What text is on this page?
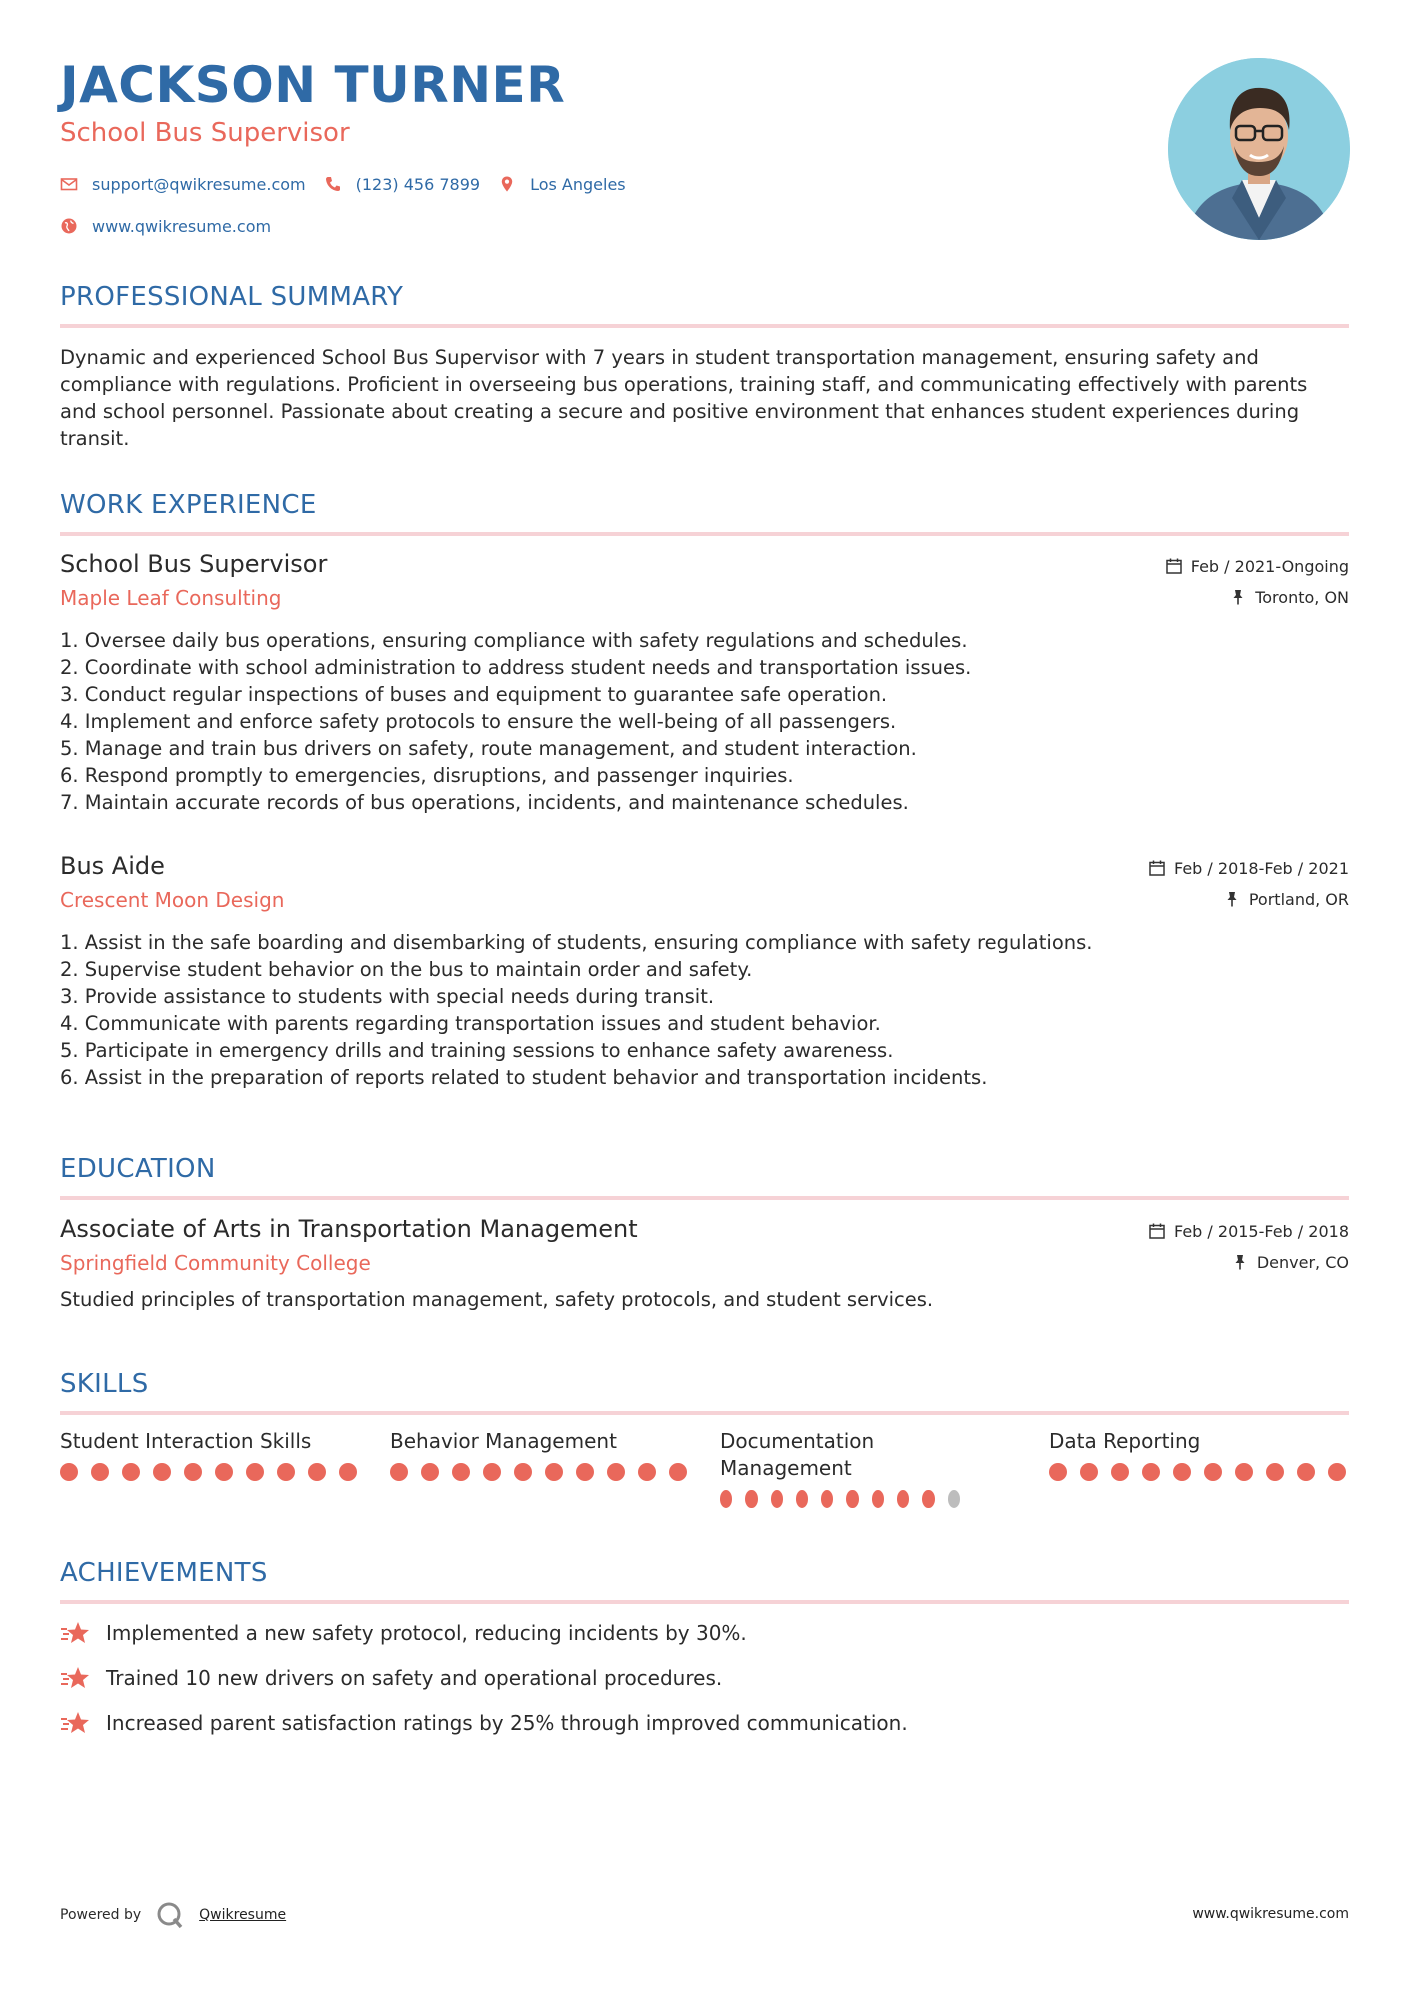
JACKSON TURNER
School Bus Supervisor
support@qwikresume.com	(123) 456 7899	Los Angeles
www.qwikresume.com
PROFESSIONAL SUMMARY

Dynamic and experienced School Bus Supervisor with 7 years in student transportation management, ensuring safety and compliance with regulations. Proficient in overseeing bus operations, training staff, and communicating effectively with parents and school personnel. Passionate about creating a secure and positive environment that enhances student experiences during transit.

WORK EXPERIENCE
School Bus Supervisor
Maple Leaf Consulting
Feb / 2021-Ongoing
Toronto, ON
1. Oversee daily bus operations, ensuring compliance with safety regulations and schedules.
2. Coordinate with school administration to address student needs and transportation issues.
3. Conduct regular inspections of buses and equipment to guarantee safe operation.
4. Implement and enforce safety protocols to ensure the well-being of all passengers.
5. Manage and train bus drivers on safety, route management, and student interaction.
6. Respond promptly to emergencies, disruptions, and passenger inquiries.
7. Maintain accurate records of bus operations, incidents, and maintenance schedules.
Bus Aide
Crescent Moon Design
Feb / 2018-Feb / 2021
Portland, OR
1. Assist in the safe boarding and disembarking of students, ensuring compliance with safety regulations.
2. Supervise student behavior on the bus to maintain order and safety.
3. Provide assistance to students with special needs during transit.
4. Communicate with parents regarding transportation issues and student behavior.
5. Participate in emergency drills and training sessions to enhance safety awareness.
6. Assist in the preparation of reports related to student behavior and transportation incidents.
EDUCATION
Associate of Arts in Transportation Management
Springfield Community College
Feb / 2015-Feb / 2018
Denver, CO
Studied principles of transportation management, safety protocols, and student services.
SKILLS
Student Interaction Skills	Behavior Management	Documentation Management
Data Reporting
ACHIEVEMENTS
Implemented a new safety protocol, reducing incidents by 30%.
Trained 10 new drivers on safety and operational procedures.
Increased parent satisfaction ratings by 25% through improved communication.
Powered by	Qwikresume	www.qwikresume.com
